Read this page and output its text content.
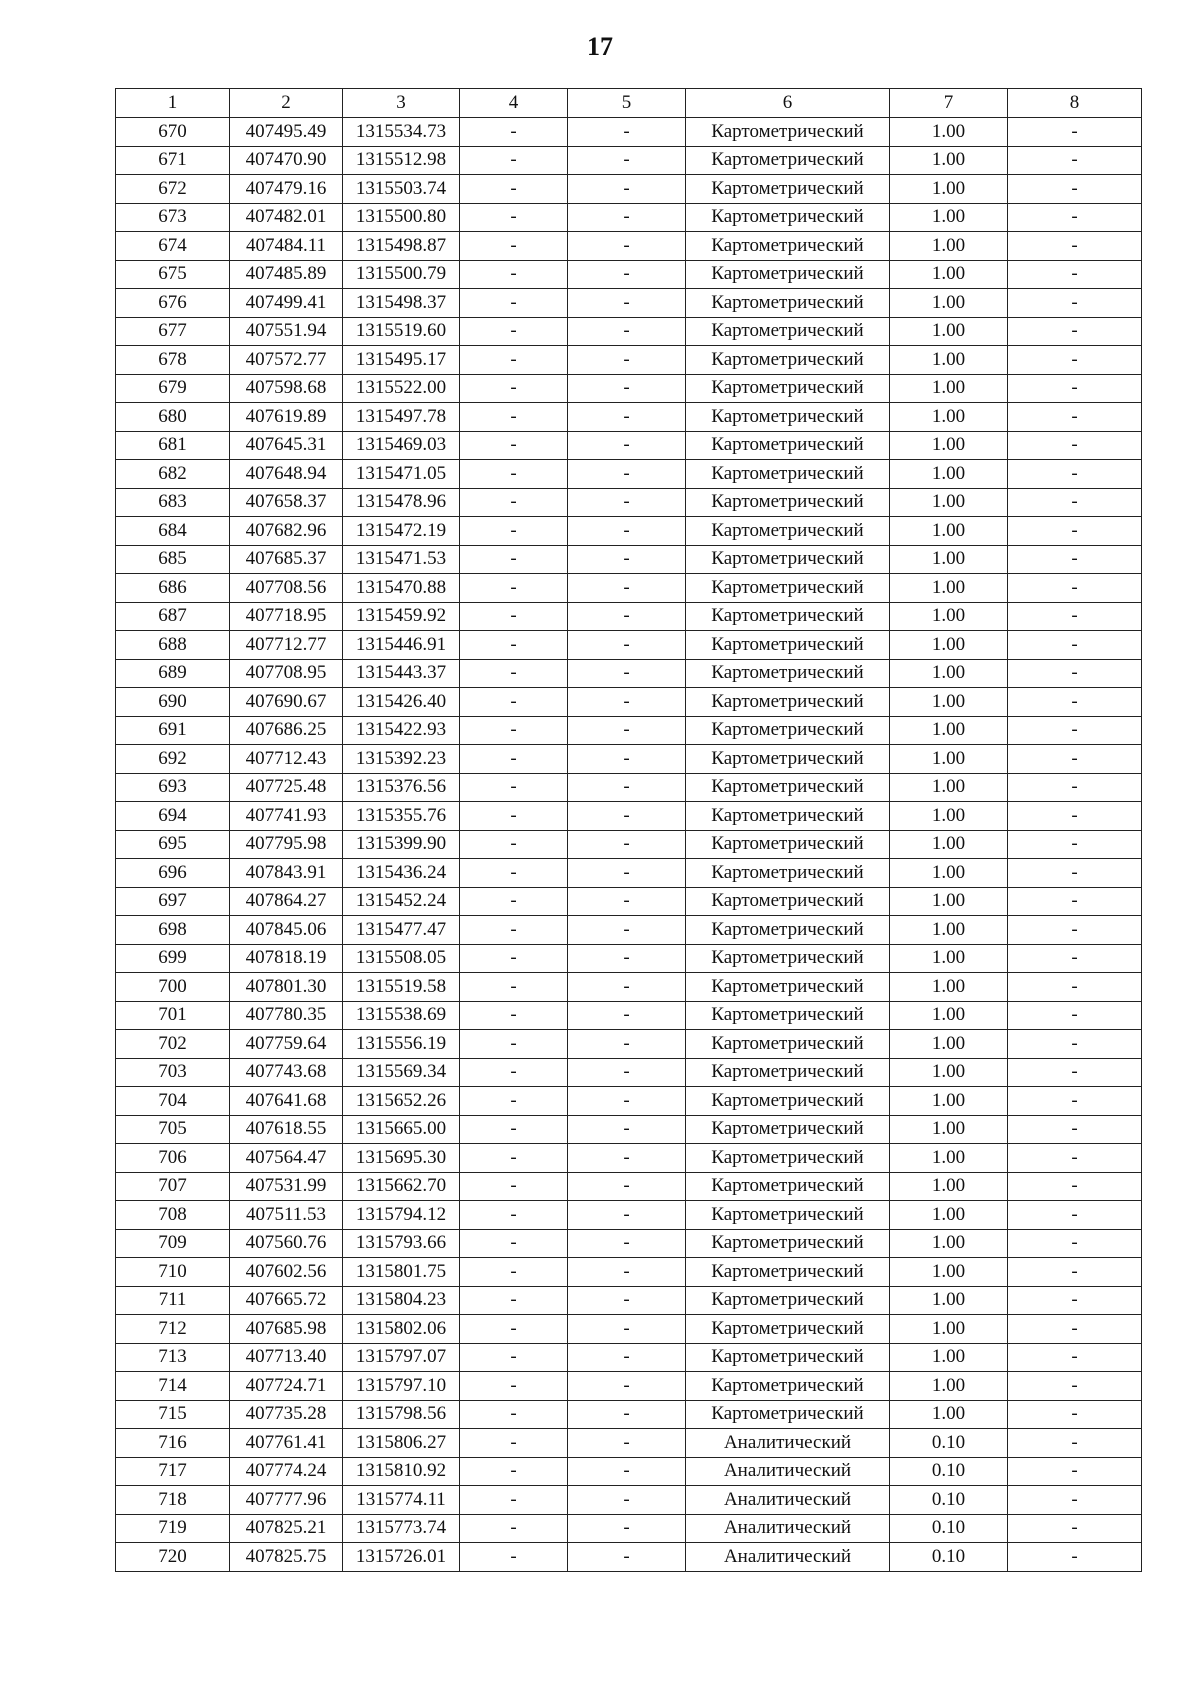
17
1	2	3	4	5	6	7	8
670	407495.49	1315534.73	-	-	Картометрический	1.00	-
671	407470.90	1315512.98	-	-	Картометрический	1.00	-
672	407479.16	1315503.74	-	-	Картометрический	1.00	-
673	407482.01	1315500.80	-	-	Картометрический	1.00	-
674	407484.11	1315498.87	-	-	Картометрический	1.00	-
675	407485.89	1315500.79	-	-	Картометрический	1.00	-
676	407499.41	1315498.37	-	-	Картометрический	1.00	-
677	407551.94	1315519.60	-	-	Картометрический	1.00	-
678	407572.77	1315495.17	-	-	Картометрический	1.00	-
679	407598.68	1315522.00	-	-	Картометрический	1.00	-
680	407619.89	1315497.78	-	-	Картометрический	1.00	-
681	407645.31	1315469.03	-	-	Картометрический	1.00	-
682	407648.94	1315471.05	-	-	Картометрический	1.00	-
683	407658.37	1315478.96	-	-	Картометрический	1.00	-
684	407682.96	1315472.19	-	-	Картометрический	1.00	-
685	407685.37	1315471.53	-	-	Картометрический	1.00	-
686	407708.56	1315470.88	-	-	Картометрический	1.00	-
687	407718.95	1315459.92	-	-	Картометрический	1.00	-
688	407712.77	1315446.91	-	-	Картометрический	1.00	-
689	407708.95	1315443.37	-	-	Картометрический	1.00	-
690	407690.67	1315426.40	-	-	Картометрический	1.00	-
691	407686.25	1315422.93	-	-	Картометрический	1.00	-
692	407712.43	1315392.23	-	-	Картометрический	1.00	-
693	407725.48	1315376.56	-	-	Картометрический	1.00	-
694	407741.93	1315355.76	-	-	Картометрический	1.00	-
695	407795.98	1315399.90	-	-	Картометрический	1.00	-
696	407843.91	1315436.24	-	-	Картометрический	1.00	-
697	407864.27	1315452.24	-	-	Картометрический	1.00	-
698	407845.06	1315477.47	-	-	Картометрический	1.00	-
699	407818.19	1315508.05	-	-	Картометрический	1.00	-
700	407801.30	1315519.58	-	-	Картометрический	1.00	-
701	407780.35	1315538.69	-	-	Картометрический	1.00	-
702	407759.64	1315556.19	-	-	Картометрический	1.00	-
703	407743.68	1315569.34	-	-	Картометрический	1.00	-
704	407641.68	1315652.26	-	-	Картометрический	1.00	-
705	407618.55	1315665.00	-	-	Картометрический	1.00	-
706	407564.47	1315695.30	-	-	Картометрический	1.00	-
707	407531.99	1315662.70	-	-	Картометрический	1.00	-
708	407511.53	1315794.12	-	-	Картометрический	1.00	-
709	407560.76	1315793.66	-	-	Картометрический	1.00	-
710	407602.56	1315801.75	-	-	Картометрический	1.00	-
711	407665.72	1315804.23	-	-	Картометрический	1.00	-
712	407685.98	1315802.06	-	-	Картометрический	1.00	-
713	407713.40	1315797.07	-	-	Картометрический	1.00	-
714	407724.71	1315797.10	-	-	Картометрический	1.00	-
715	407735.28	1315798.56	-	-	Картометрический	1.00	-
716	407761.41	1315806.27	-	-	Аналитический	0.10	-
717	407774.24	1315810.92	-	-	Аналитический	0.10	-
718	407777.96	1315774.11	-	-	Аналитический	0.10	-
719	407825.21	1315773.74	-	-	Аналитический	0.10	-
720	407825.75	1315726.01	-	-	Аналитический	0.10	-
